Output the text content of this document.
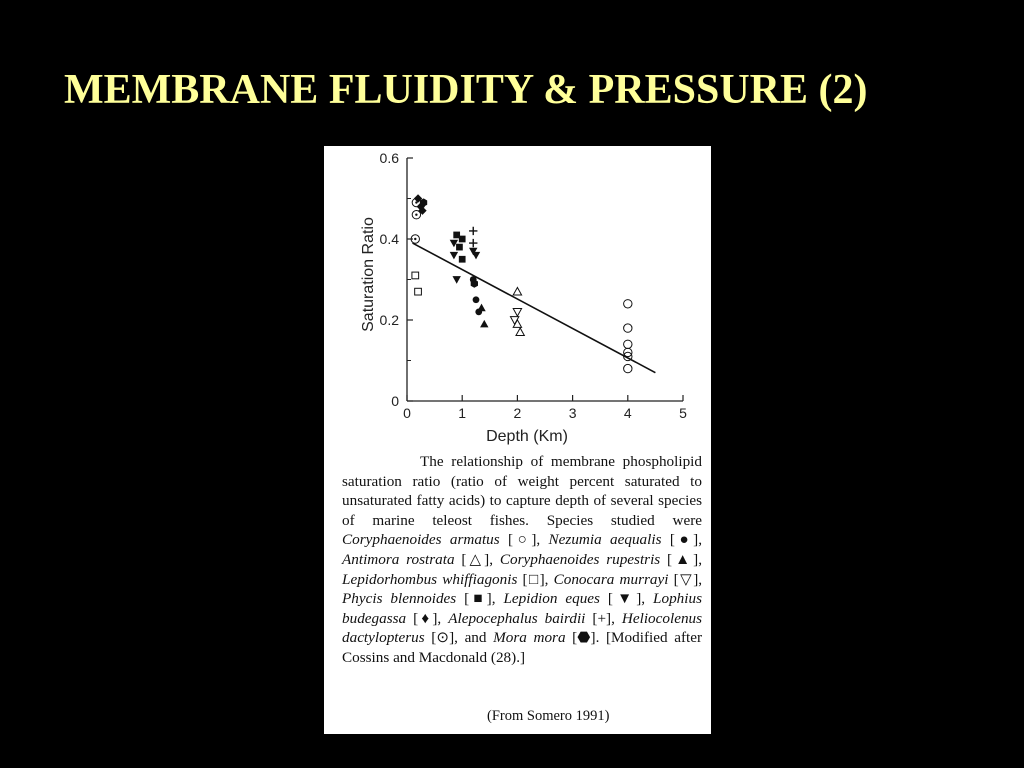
MEMBRANE FLUIDITY & PRESSURE (2)
0
0.2
0.4
0.6
0	1	2	3	4	5
Depth (Km)
Saturation Ratio

The relationship of membrane phospholipid saturation ratio (ratio of weight percent saturated to unsaturated fatty acids) to capture depth of several species of marine teleost fishes. Species studied were Coryphaenoides armatus [○], Nezumia aequalis [●], Antimora rostrata [△], Coryphaenoides rupestris [▲], Lepidorhombus whiffiagonis [□], Conocara murrayi [▽], Phycis blennoides [■], Lepidion eques [▼], Lophius budegassa [♦], Alepocephalus bairdii [+], Heliocolenus dactylopterus [⊙], and Mora mora [⬣]. [Modified after Cossins and Macdonald (28).]

(From Somero 1991)
